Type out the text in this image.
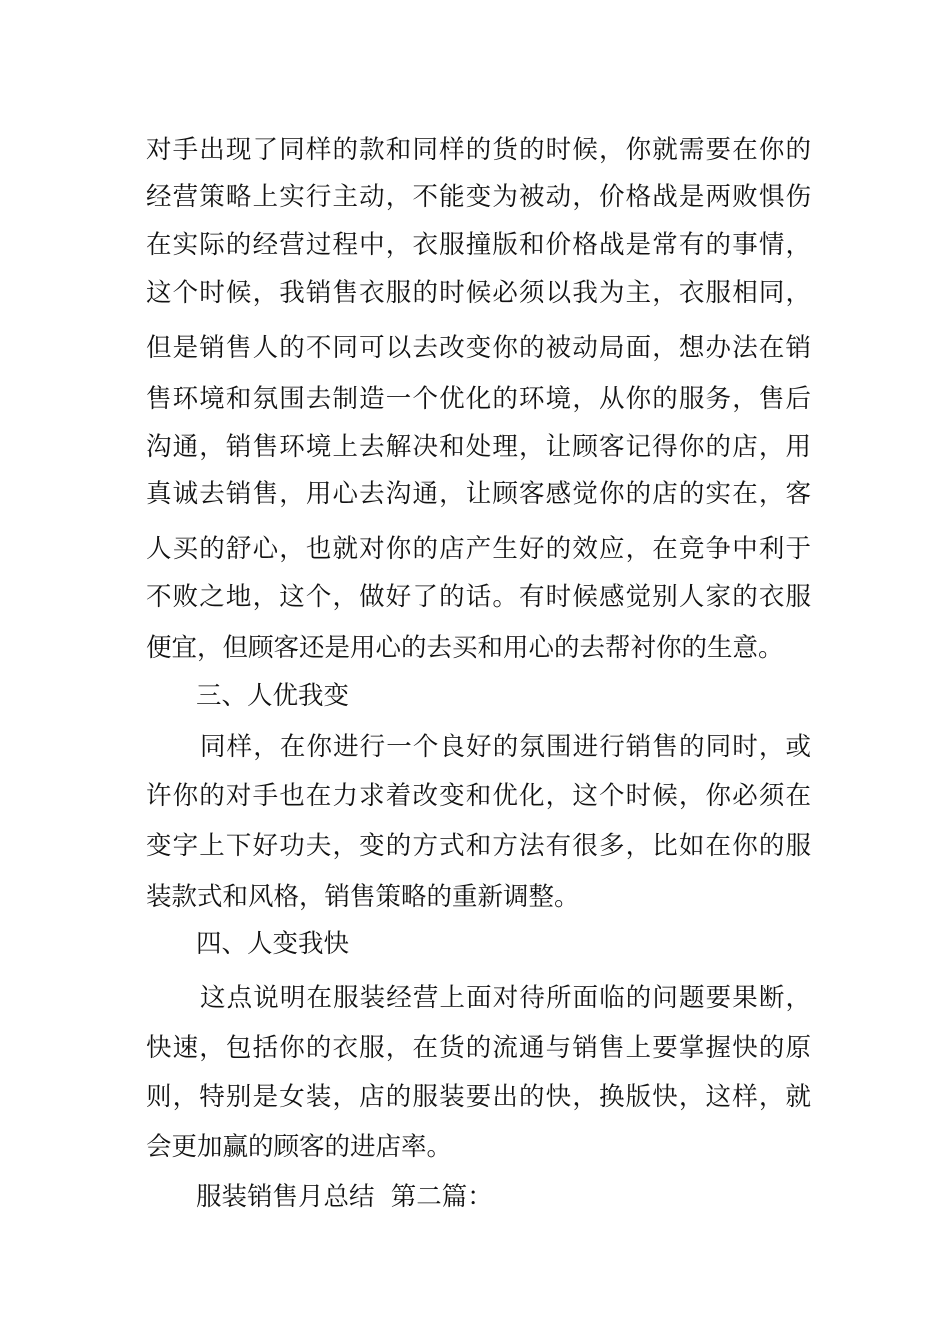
对手出现了同样的款和同样的货的时候，你就需要在你的
经营策略上实行主动，不能变为被动，价格战是两败惧伤
在实际的经营过程中，衣服撞版和价格战是常有的事情，
这个时候，我销售衣服的时候必须以我为主，衣服相同，
但是销售人的不同可以去改变你的被动局面，想办法在销
售环境和氛围去制造一个优化的环境，从你的服务，售后
沟通，销售环境上去解决和处理，让顾客记得你的店，用
真诚去销售，用心去沟通，让顾客感觉你的店的实在，客
人买的舒心，也就对你的店产生好的效应，在竞争中利于
不败之地，这个，做好了的话。有时候感觉别人家的衣服
便宜，但顾客还是用心的去买和用心的去帮衬你的生意。
三、人优我变
同样，在你进行一个良好的氛围进行销售的同时，或
许你的对手也在力求着改变和优化，这个时候，你必须在
变字上下好功夫，变的方式和方法有很多，比如在你的服
装款式和风格，销售策略的重新调整。
四、人变我快
这点说明在服装经营上面对待所面临的问题要果断，
快速，包括你的衣服，在货的流通与销售上要掌握快的原
则，特别是女装，店的服装要出的快，换版快，这样，就
会更加赢的顾客的进店率。
服装销售月总结  第二篇：
